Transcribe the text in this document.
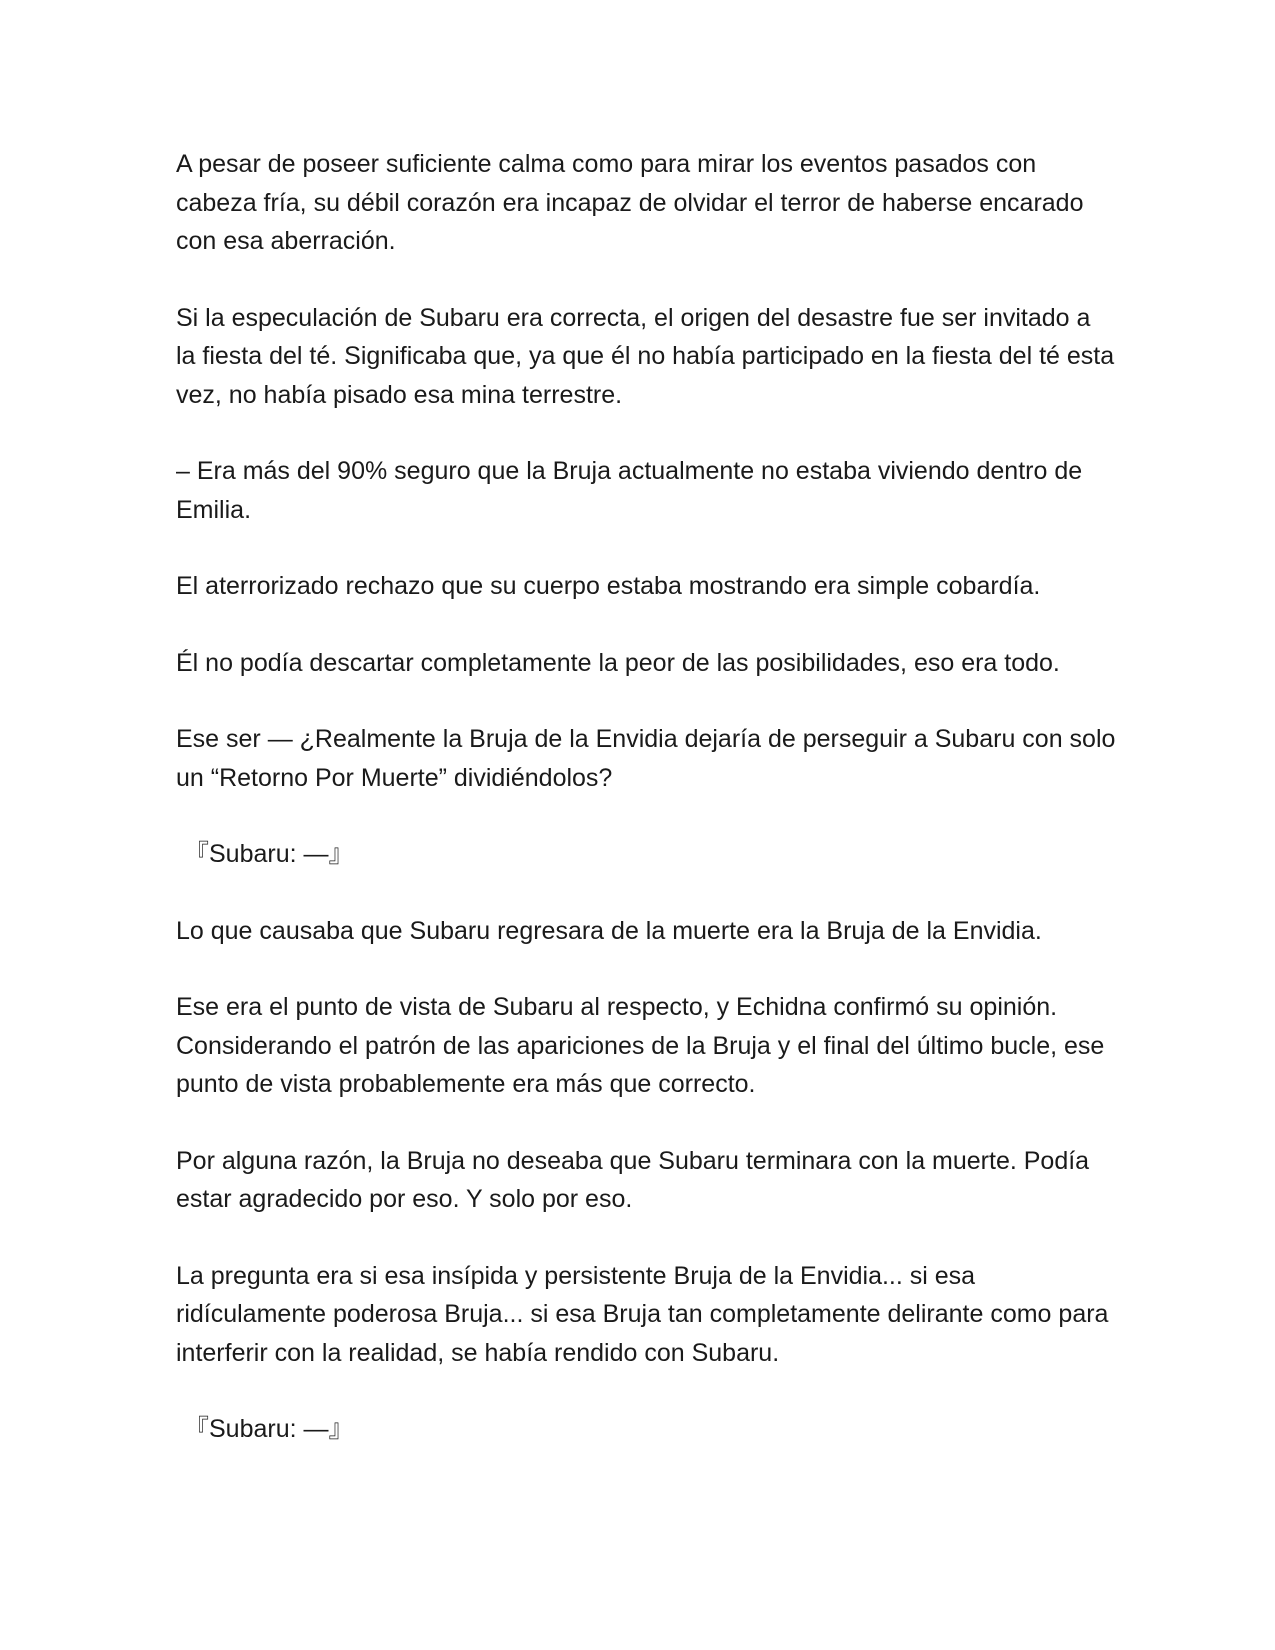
A pesar de poseer suficiente calma como para mirar los eventos pasados con cabeza fría, su débil corazón era incapaz de olvidar el terror de haberse encarado con esa aberración.

Si la especulación de Subaru era correcta, el origen del desastre fue ser invitado a la fiesta del té. Significaba que, ya que él no había participado en la fiesta del té esta vez, no había pisado esa mina terrestre.

– Era más del 90% seguro que la Bruja actualmente no estaba viviendo dentro de Emilia.

El aterrorizado rechazo que su cuerpo estaba mostrando era simple cobardía.

Él no podía descartar completamente la peor de las posibilidades, eso era todo.

Ese ser — ¿Realmente la Bruja de la Envidia dejaría de perseguir a Subaru con solo un “Retorno Por Muerte” dividiéndolos?

『Subaru: —』

Lo que causaba que Subaru regresara de la muerte era la Bruja de la Envidia.

Ese era el punto de vista de Subaru al respecto, y Echidna confirmó su opinión. Considerando el patrón de las apariciones de la Bruja y el final del último bucle, ese punto de vista probablemente era más que correcto.

Por alguna razón, la Bruja no deseaba que Subaru terminara con la muerte. Podía estar agradecido por eso. Y solo por eso.

La pregunta era si esa insípida y persistente Bruja de la Envidia... si esa ridículamente poderosa Bruja... si esa Bruja tan completamente delirante como para interferir con la realidad, se había rendido con Subaru.

『Subaru: —』
